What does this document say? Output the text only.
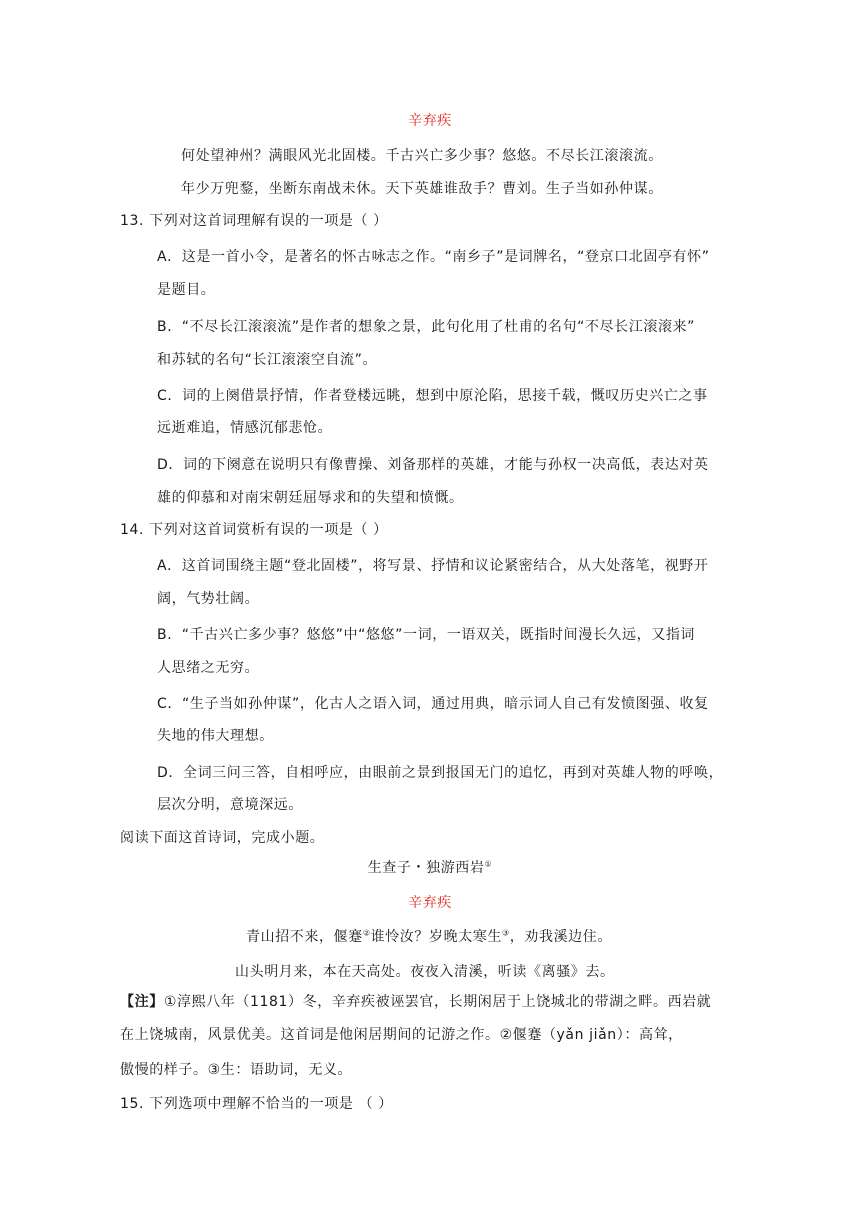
辛弃疾
何处望神州？满眼风光北固楼。千古兴亡多少事？悠悠。不尽长江滚滚流。
年少万兜鍪，坐断东南战未休。天下英雄谁敌手？曹刘。生子当如孙仲谋。
13. 下列对这首词理解有误的一项是（ ）
A．这是一首小令，是著名的怀古咏志之作。“南乡子”是词牌名，“登京口北固亭有怀”
是题目。
B．“不尽长江滚滚流”是作者的想象之景，此句化用了杜甫的名句“不尽长江滚滚来”
和苏轼的名句“长江滚滚空自流”。
C．词的上阕借景抒情，作者登楼远眺，想到中原沦陷，思接千载，慨叹历史兴亡之事
远逝难追，情感沉郁悲怆。
D．词的下阕意在说明只有像曹操、刘备那样的英雄，才能与孙权一决高低，表达对英
雄的仰慕和对南宋朝廷屈辱求和的失望和愤慨。
14. 下列对这首词赏析有误的一项是（ ）
A．这首词围绕主题“登北固楼”，将写景、抒情和议论紧密结合，从大处落笔，视野开
阔，气势壮阔。
B．“千古兴亡多少事？悠悠”中“悠悠”一词，一语双关，既指时间漫长久远，又指词
人思绪之无穷。
C．“生子当如孙仲谋”，化古人之语入词，通过用典，暗示词人自己有发愤图强、收复
失地的伟大理想。
D．全词三问三答，自相呼应，由眼前之景到报国无门的追忆，再到对英雄人物的呼唤，
层次分明，意境深远。
阅读下面这首诗词，完成小题。
生查子・独游西岩①
辛弃疾
青山招不来，偃蹇②谁怜汝？岁晚太寒生③，劝我溪边住。
山头明月来，本在天高处。夜夜入清溪，听读《离骚》去。
【注】①淳熙八年（1181）冬，辛弃疾被诬罢官，长期闲居于上饶城北的带湖之畔。西岩就
在上饶城南，风景优美。这首词是他闲居期间的记游之作。②偃蹇（yǎn jiǎn）：高耸，
傲慢的样子。③生：语助词，无义。
15. 下列选项中理解不恰当的一项是 （ ）
